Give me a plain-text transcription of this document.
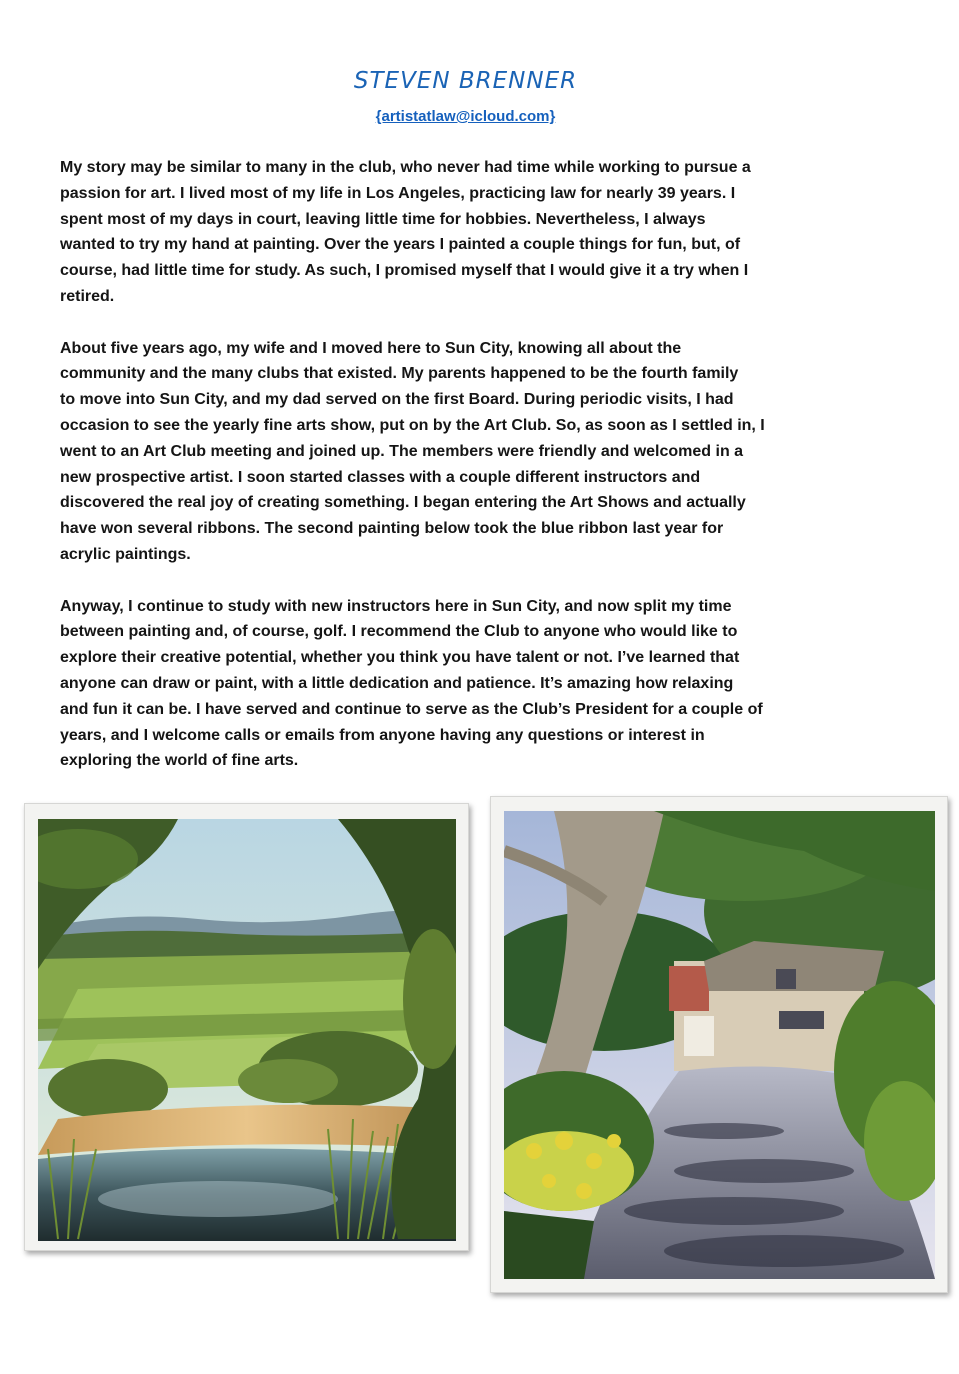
STEVEN BRENNER
{artistatlaw@icloud.com}

My story may be similar to many in the club, who never had time while working to pursue a
passion for art. I lived most of my life in Los Angeles, practicing law for nearly 39 years. I
spent most of my days in court, leaving little time for hobbies. Nevertheless, I always
wanted to try my hand at painting. Over the years I painted a couple things for fun, but, of
course, had little time for study. As such, I promised myself that I would give it a try when I
retired.

About five years ago, my wife and I moved here to Sun City, knowing all about the
community and the many clubs that existed. My parents happened to be the fourth family
to move into Sun City, and my dad served on the first Board. During periodic visits, I had
occasion to see the yearly fine arts show, put on by the Art Club. So, as soon as I settled in, I
went to an Art Club meeting and joined up. The members were friendly and welcomed in a
new prospective artist. I soon started classes with a couple different instructors and
discovered the real joy of creating something. I began entering the Art Shows and actually
have won several ribbons. The second painting below took the blue ribbon last year for
acrylic paintings.

Anyway, I continue to study with new instructors here in Sun City, and now split my time
between painting and, of course, golf. I recommend the Club to anyone who would like to
explore their creative potential, whether you think you have talent or not. I’ve learned that
anyone can draw or paint, with a little dedication and patience. It’s amazing how relaxing
and fun it can be. I have served and continue to serve as the Club’s President for a couple of
years, and I welcome calls or emails from anyone having any questions or interest in
exploring the world of fine arts.
